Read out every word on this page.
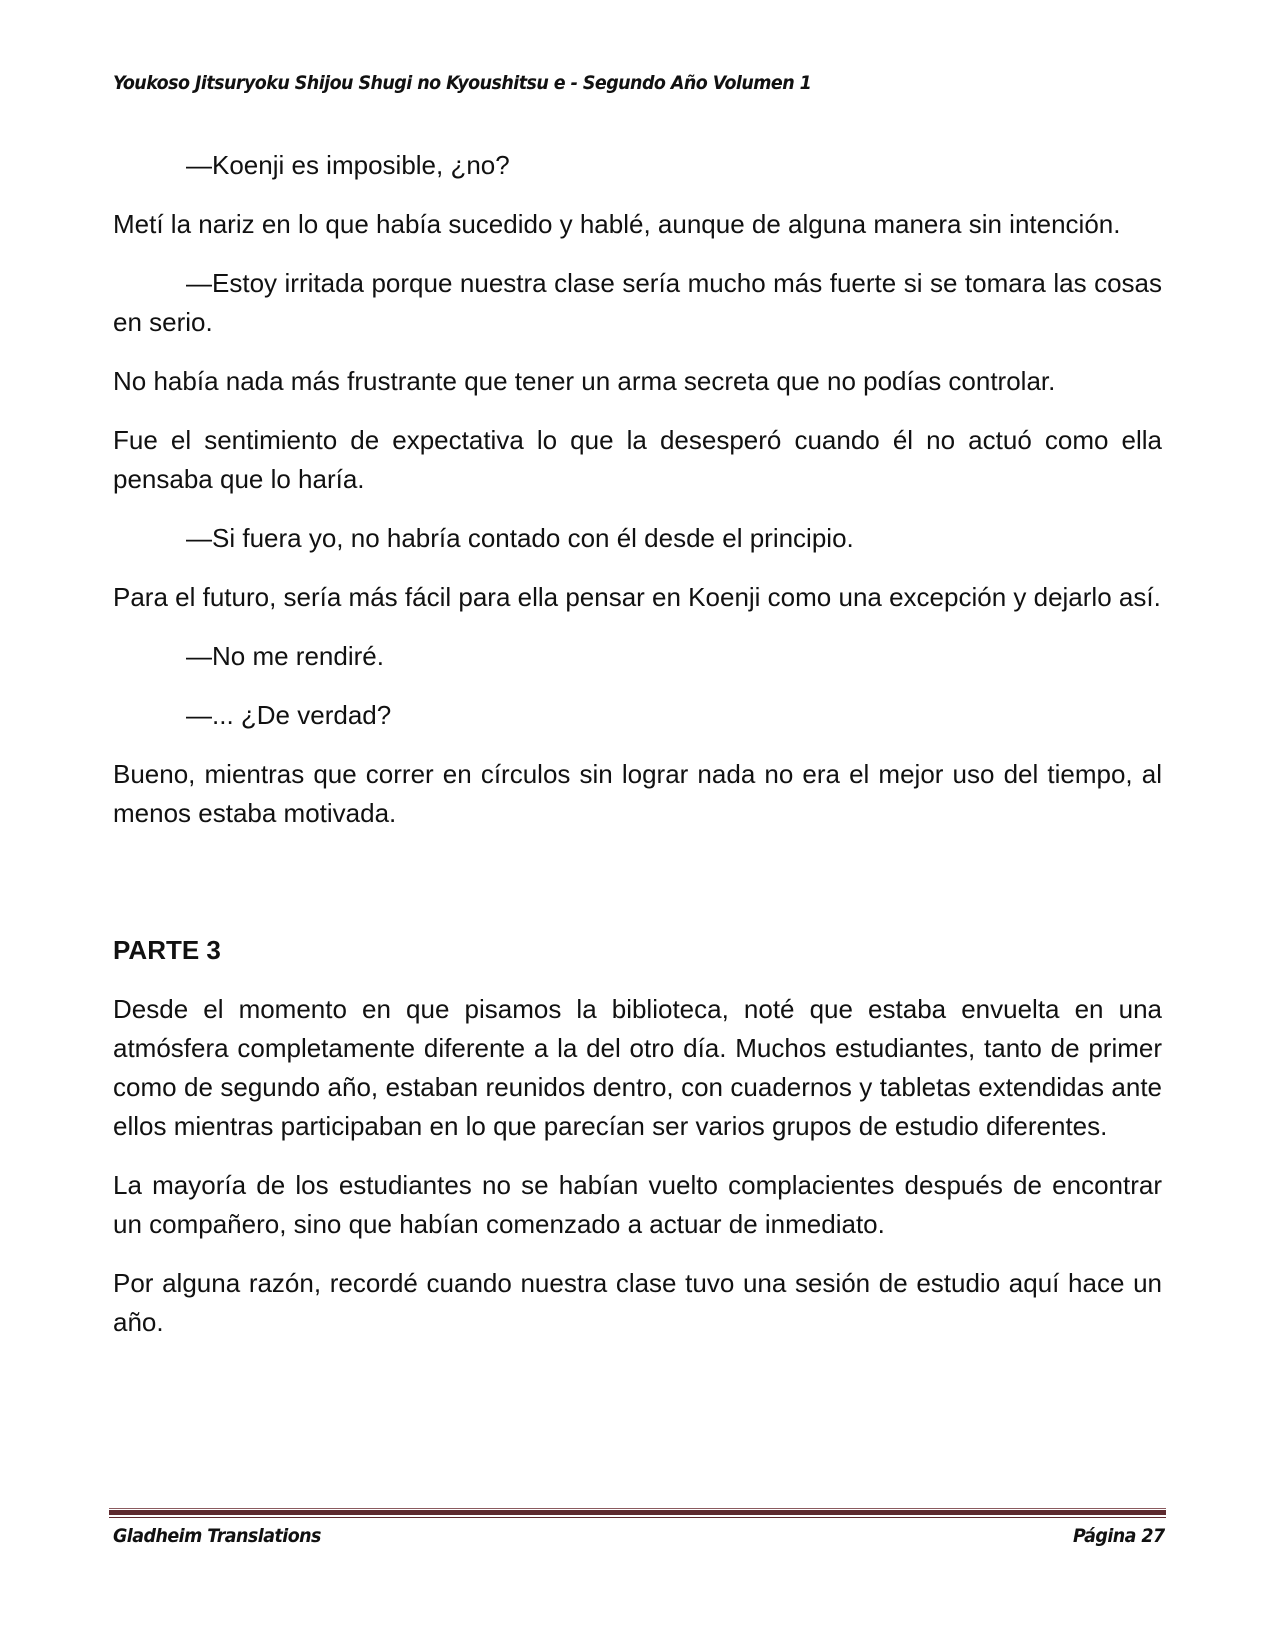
Youkoso Jitsuryoku Shijou Shugi no Kyoushitsu e - Segundo Año Volumen 1

—Koenji es imposible, ¿no?

Metí la nariz en lo que había sucedido y hablé, aunque de alguna manera sin intención.

—Estoy irritada porque nuestra clase sería mucho más fuerte si se tomara las cosas en serio.

No había nada más frustrante que tener un arma secreta que no podías controlar.

Fue el sentimiento de expectativa lo que la desesperó cuando él no actuó como ella pensaba que lo haría.

—Si fuera yo, no habría contado con él desde el principio.

Para el futuro, sería más fácil para ella pensar en Koenji como una excepción y dejarlo así.

—No me rendiré.

—... ¿De verdad?

Bueno, mientras que correr en círculos sin lograr nada no era el mejor uso del tiempo, al menos estaba motivada.

PARTE 3

Desde el momento en que pisamos la biblioteca, noté que estaba envuelta en una atmósfera completamente diferente a la del otro día. Muchos estudiantes, tanto de primer como de segundo año, estaban reunidos dentro, con cuadernos y tabletas extendidas ante ellos mientras participaban en lo que parecían ser varios grupos de estudio diferentes.

La mayoría de los estudiantes no se habían vuelto complacientes después de encontrar un compañero, sino que habían comenzado a actuar de inmediato.

Por alguna razón, recordé cuando nuestra clase tuvo una sesión de estudio aquí hace un año.

Gladheim Translations	Página 27
